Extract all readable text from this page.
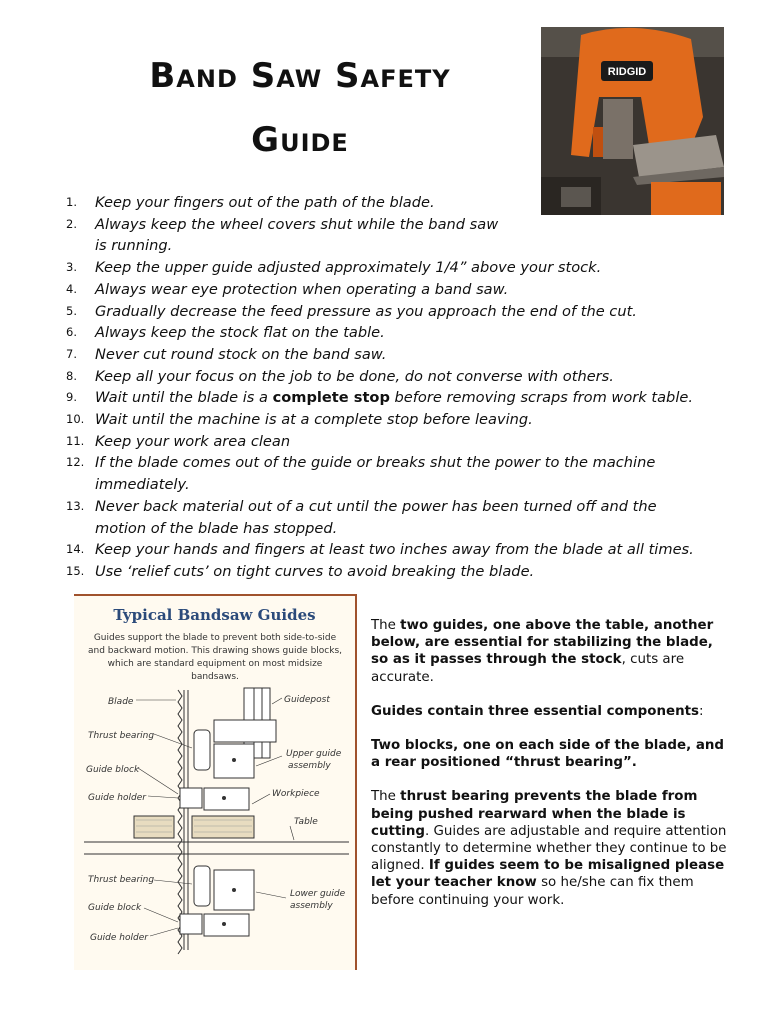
Band Saw Safety
Guide
RIDGID
1. Keep your fingers out of the path of the blade.
2. Always keep the wheel covers shut while the band saw
is running.
3. Keep the upper guide adjusted approximately 1/4” above your stock.
4. Always wear eye protection when operating a band saw.
5. Gradually decrease the feed pressure as you approach the end of the cut.
6. Always keep the stock flat on the table.
7. Never cut round stock on the band saw.
8. Keep all your focus on the job to be done, do not converse with others.
9. Wait until the blade is a complete stop before removing scraps from work table.
10. Wait until the machine is at a complete stop before leaving.
11. Keep your work area clean
12. If the blade comes out of the guide or breaks shut the power to the machine
immediately.
13. Never back material out of a cut until the power has been turned off and the
motion of the blade has stopped.
14. Keep your hands and fingers at least two inches away from the blade at all times.
15. Use ‘relief cuts’ on tight curves to avoid breaking the blade.
Typical Bandsaw Guides
Guides support the blade to prevent both side-to-side and backward motion. This drawing shows guide blocks, which are standard equipment on most midsize bandsaws.
Blade
Thrust bearing
Guide block
Guide holder
Guidepost
Upper guide
assembly
Workpiece
Table
Thrust bearing
Guide block
Guide holder
Lower guide
assembly

The two guides, one above the table, another below, are essential for stabilizing the blade, so as it passes through the stock, cuts are accurate.

Guides contain three essential components:

Two blocks, one on each side of the blade, and a rear positioned “thrust bearing”.

The thrust bearing prevents the blade from being pushed rearward when the blade is cutting. Guides are adjustable and require attention constantly to determine whether they continue to be aligned. If guides seem to be misaligned please let your teacher know so he/she can fix them before continuing your work.
